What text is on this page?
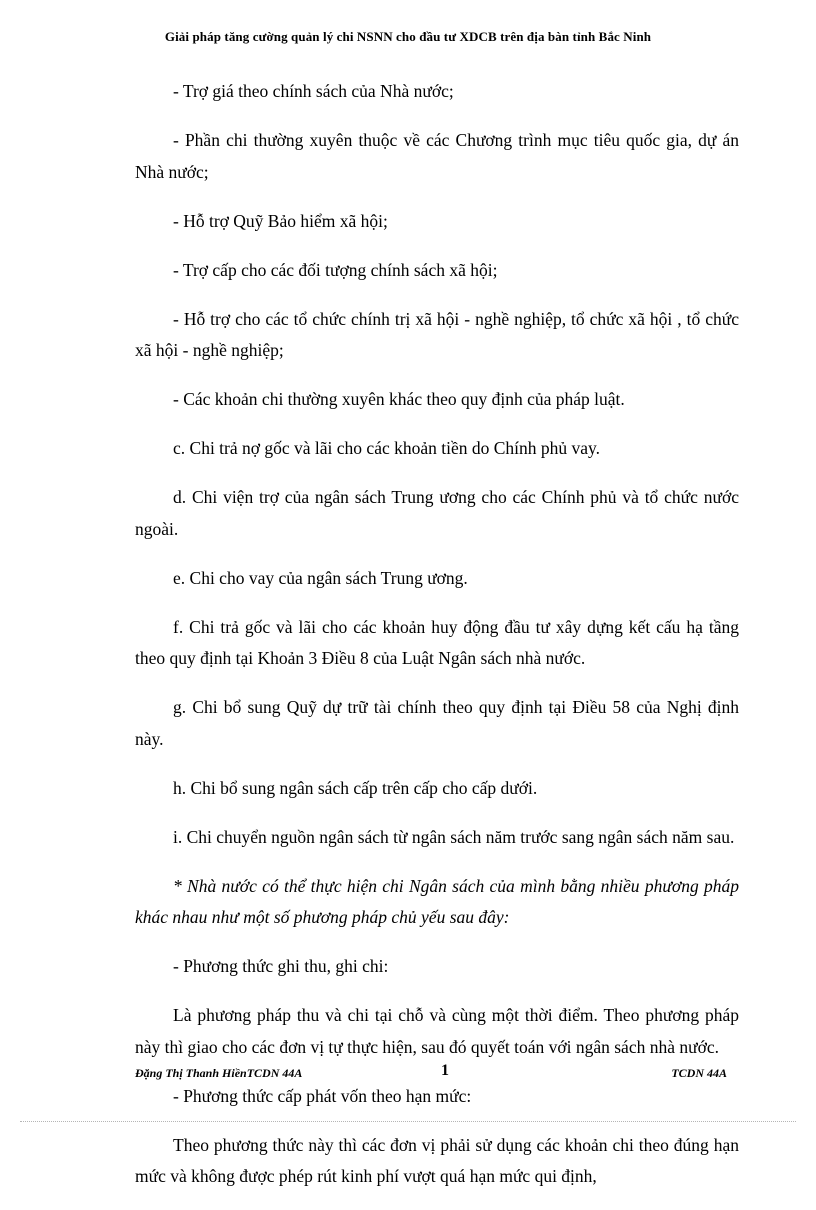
Giải pháp tăng cường quản lý chi NSNN cho đầu tư XDCB trên địa bàn tỉnh Bắc Ninh

- Trợ giá theo chính sách của Nhà nước;

- Phần chi thường xuyên thuộc về các Chương trình mục tiêu quốc gia, dự án Nhà nước;

- Hỗ trợ Quỹ Bảo hiểm xã hội;

- Trợ cấp cho các đối tượng chính sách xã hội;

- Hỗ trợ cho các tổ chức chính trị xã hội - nghề nghiệp, tổ chức xã hội , tổ chức xã hội - nghề nghiệp;

- Các khoản chi thường xuyên khác theo quy định của pháp luật.

c. Chi trả nợ gốc và lãi cho các khoản tiền do Chính phủ vay.

d. Chi viện trợ của ngân sách Trung ương cho các Chính phủ và tổ chức nước ngoài.

e. Chi cho vay của ngân sách Trung ương.

f. Chi trả gốc và lãi cho các khoản huy động đầu tư xây dựng kết cấu hạ tầng theo quy định tại Khoản 3 Điều 8 của Luật Ngân sách nhà nước.

g. Chi bổ sung Quỹ dự trữ tài chính theo quy định tại Điều 58 của Nghị định này.

h. Chi bổ sung ngân sách cấp trên cấp cho cấp dưới.

i. Chi chuyển nguồn ngân sách từ ngân sách năm trước sang ngân sách năm sau.

* Nhà nước có thể thực hiện chi Ngân sách của mình bằng nhiều phương pháp khác nhau như một số phương pháp chủ yếu sau đây:

- Phương thức ghi thu, ghi chi:

Là phương pháp thu và chi tại chỗ và cùng một thời điểm. Theo phương pháp này thì giao cho các đơn vị tự thực hiện, sau đó quyết toán với ngân sách nhà nước.

- Phương thức cấp phát vốn theo hạn mức:

Theo phương thức này thì các đơn vị phải sử dụng các khoản chi theo đúng hạn mức và không được phép rút kinh phí vượt quá hạn mức qui định,

Đặng Thị Thanh HiềnTCDN 44A	1	TCDN 44A
